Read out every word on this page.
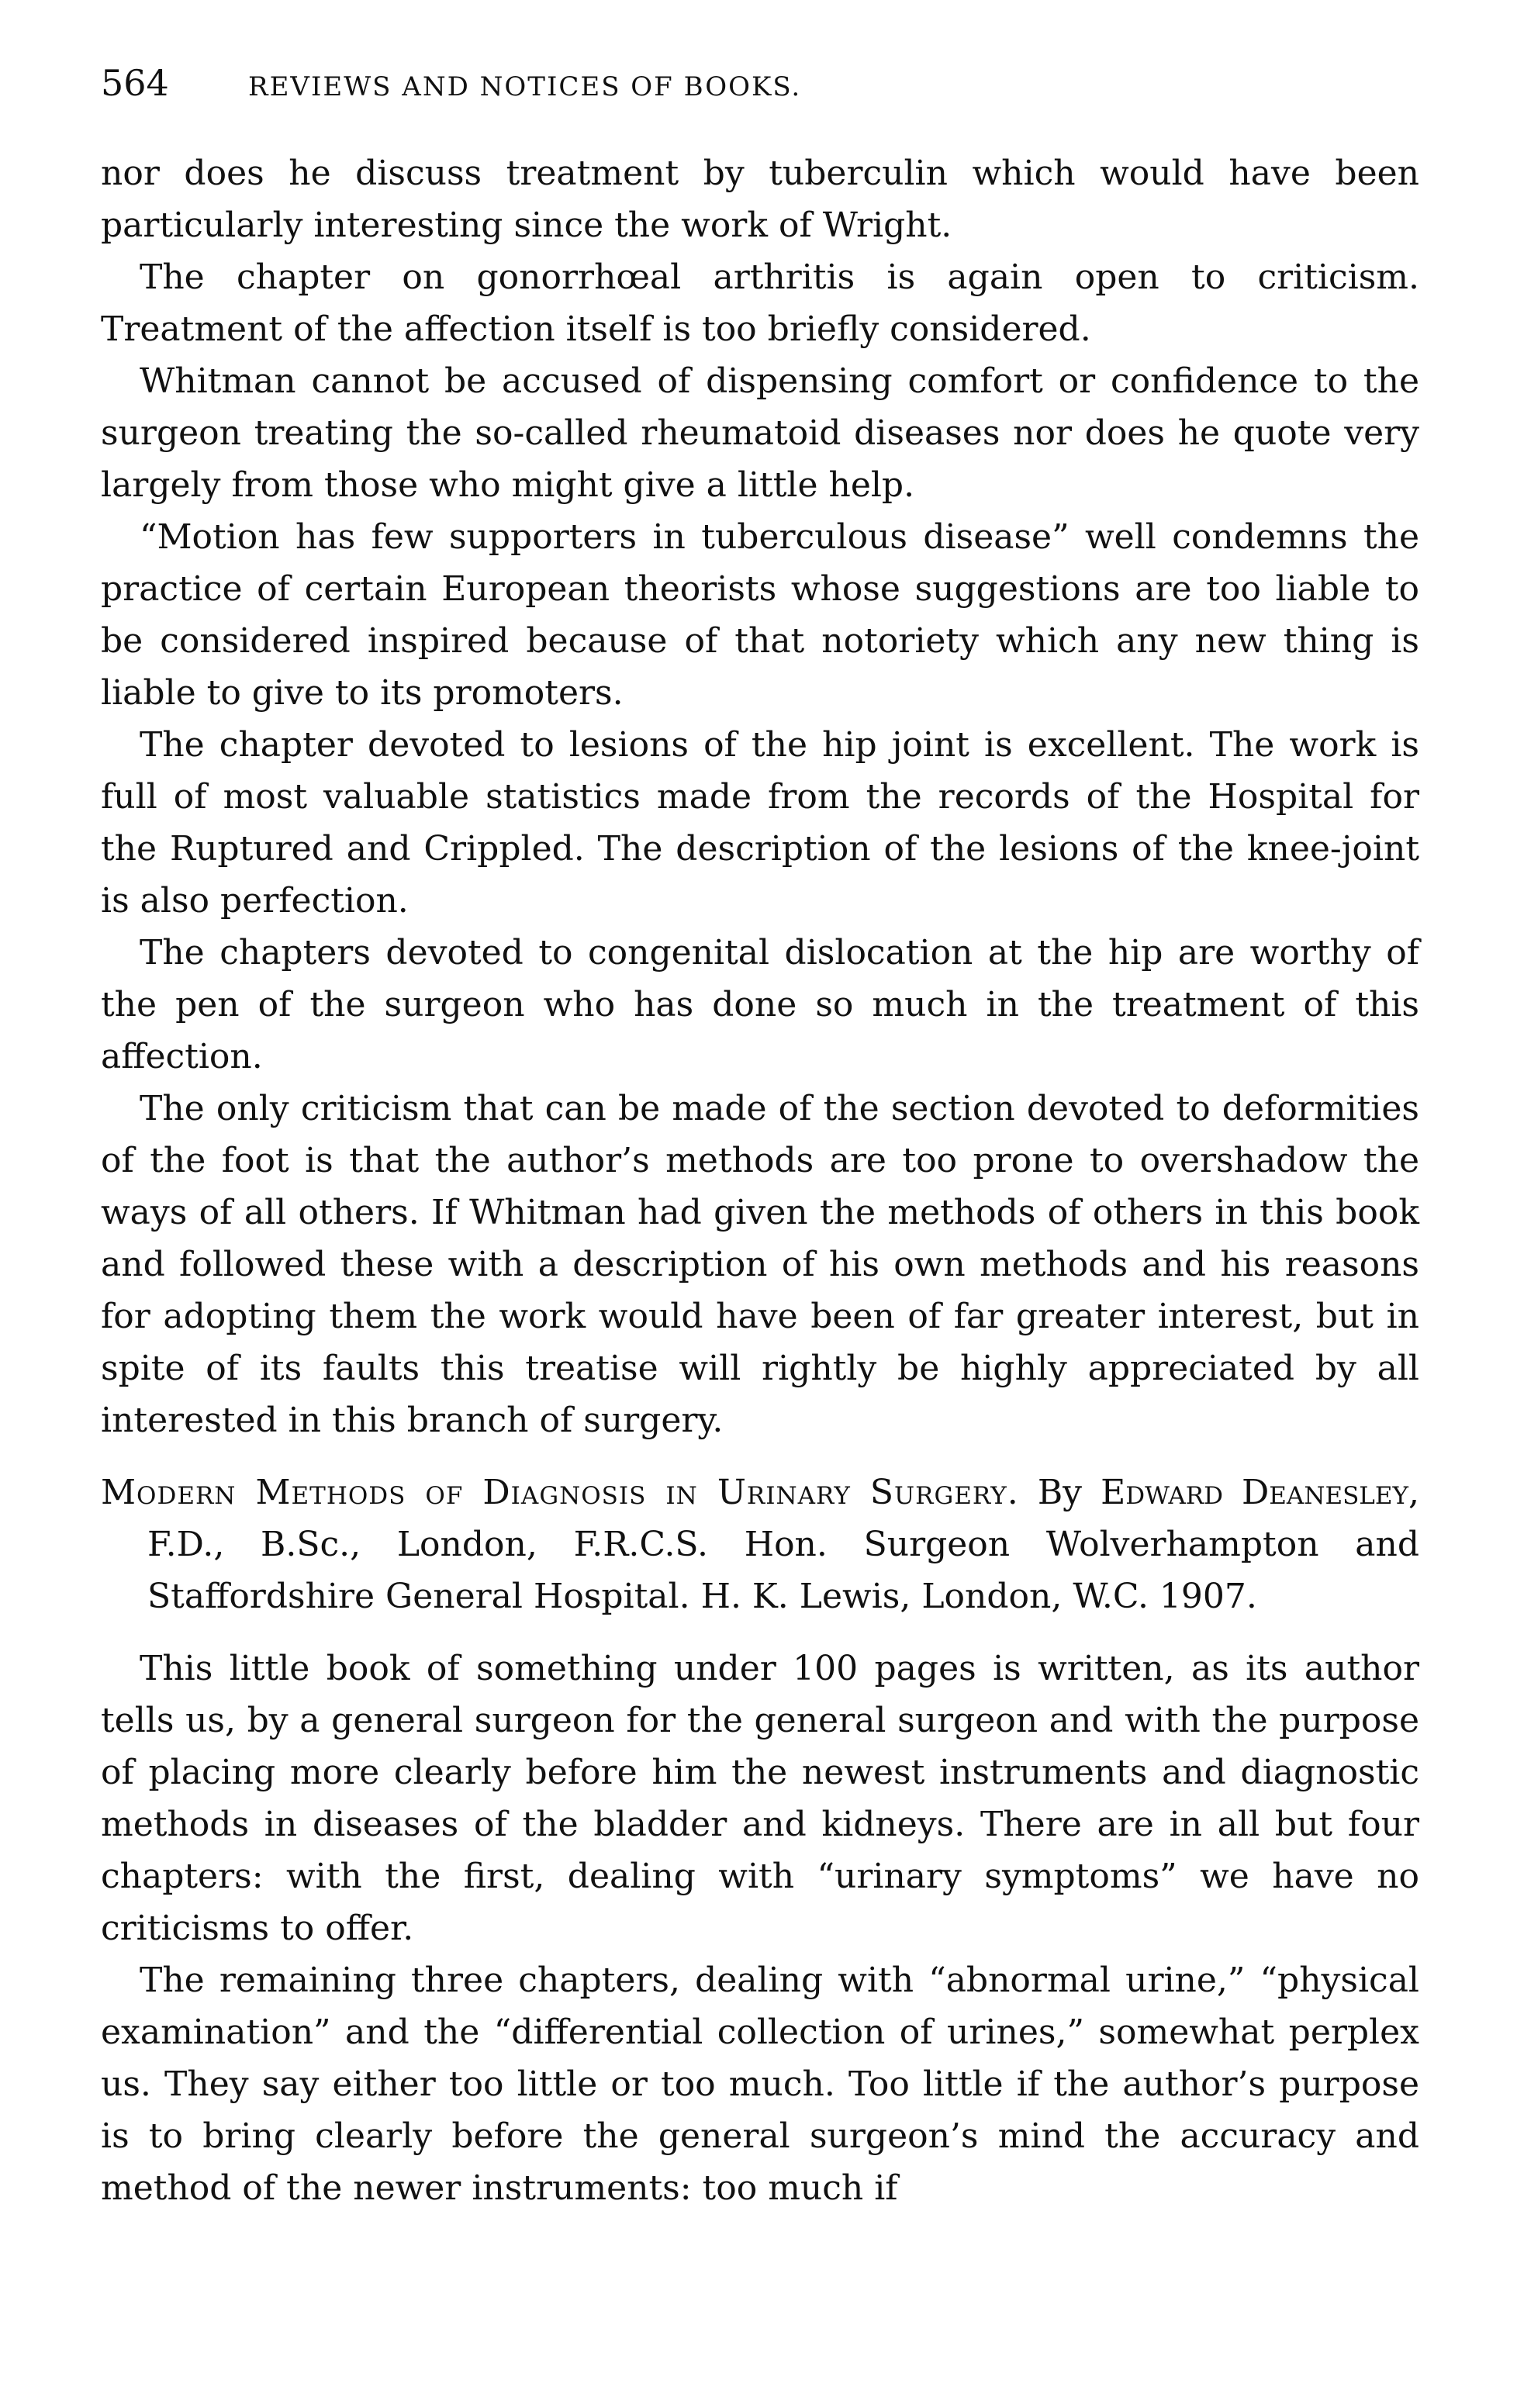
564	REVIEWS AND NOTICES OF BOOKS.

nor does he discuss treatment by tuberculin which would have been particularly interesting since the work of Wright.

The chapter on gonorrhœal arthritis is again open to criticism. Treatment of the affection itself is too briefly considered.

Whitman cannot be accused of dispensing comfort or confidence to the surgeon treating the so-called rheumatoid diseases nor does he quote very largely from those who might give a little help.

“Motion has few supporters in tuberculous disease” well condemns the practice of certain European theorists whose suggestions are too liable to be considered inspired because of that notoriety which any new thing is liable to give to its promoters.

The chapter devoted to lesions of the hip joint is excellent. The work is full of most valuable statistics made from the records of the Hospital for the Ruptured and Crippled. The description of the lesions of the knee-joint is also perfection.

The chapters devoted to congenital dislocation at the hip are worthy of the pen of the surgeon who has done so much in the treatment of this affection.

The only criticism that can be made of the section devoted to deformities of the foot is that the author’s methods are too prone to overshadow the ways of all others. If Whitman had given the methods of others in this book and followed these with a description of his own methods and his reasons for adopting them the work would have been of far greater interest, but in spite of its faults this treatise will rightly be highly appreciated by all interested in this branch of surgery.

Modern Methods of Diagnosis in Urinary Surgery. By Edward Deanesley, F.D., B.Sc., London, F.R.C.S. Hon. Surgeon Wolverhampton and Staffordshire General Hospital. H. K. Lewis, London, W.C. 1907.

This little book of something under 100 pages is written, as its author tells us, by a general surgeon for the general surgeon and with the purpose of placing more clearly before him the newest instruments and diagnostic methods in diseases of the bladder and kidneys. There are in all but four chapters: with the first, dealing with “urinary symptoms” we have no criticisms to offer.

The remaining three chapters, dealing with “abnormal urine,” “physical examination” and the “differential collection of urines,” somewhat perplex us. They say either too little or too much. Too little if the author’s purpose is to bring clearly before the general surgeon’s mind the accuracy and method of the newer instruments: too much if
